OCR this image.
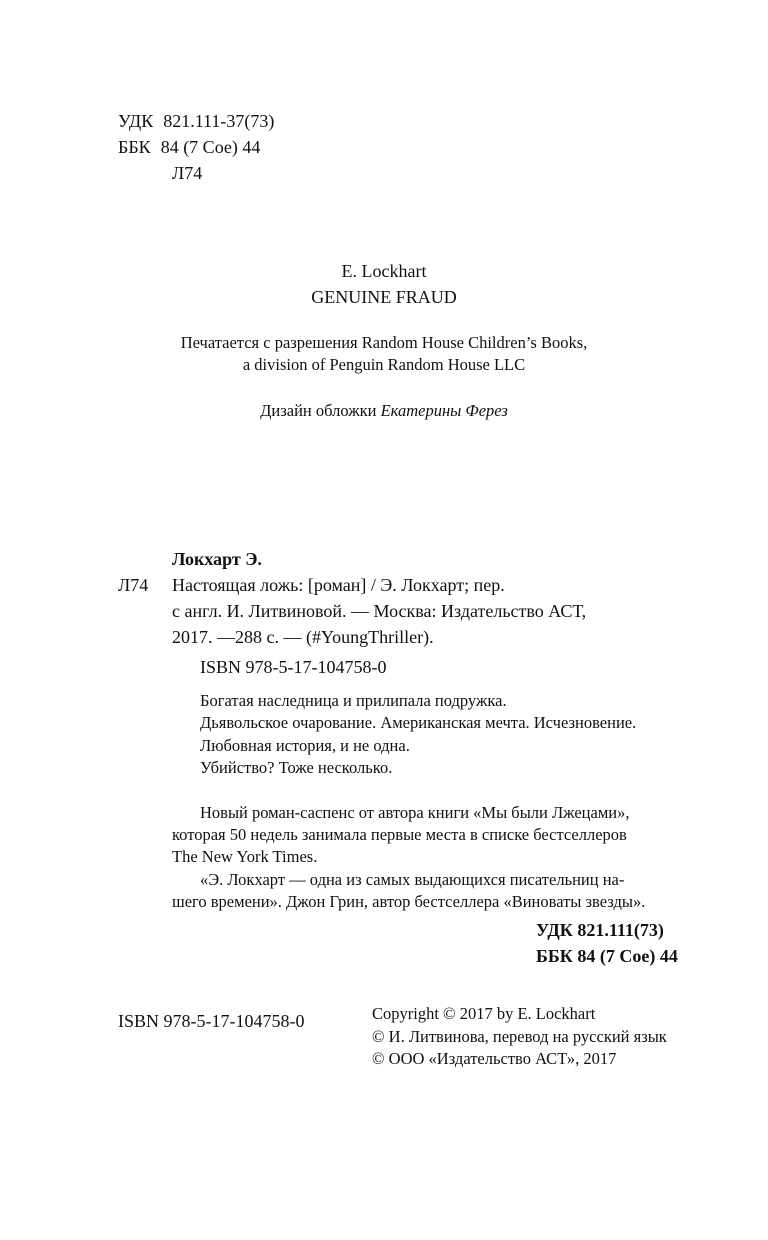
УДК 821.111-37(73)
ББК 84 (7 Сое) 44
Л74
E. Lockhart
GENUINE FRAUD
Печатается с разрешения Random House Children’s Books,
a division of Penguin Random House LLC
Дизайн обложки Екатерины Ферез
Локхарт Э.
Л74 Настоящая ложь: [роман] / Э. Локхарт; пер.
с англ. И. Литвиновой. — Москва: Издательство АСТ,
2017. —288 с. — (#YoungThriller).
ISBN 978-5-17-104758-0
Богатая наследница и прилипала подружка.
Дьявольское очарование. Американская мечта. Исчезновение.
Любовная история, и не одна.
Убийство? Тоже несколько.
Новый роман-саспенс от автора книги «Мы были Лжецами»,
которая 50 недель занимала первые места в списке бестселлеров
The New York Times.
«Э. Локхарт — одна из самых выдающихся писательниц на-
шего времени». Джон Грин, автор бестселлера «Виноваты звезды».
УДК 821.111(73)
ББК 84 (7 Сое) 44
ISBN 978-5-17-104758-0	Copyright © 2017 by E. Lockhart
© И. Литвинова, перевод на русский язык
© ООО «Издательство АСТ», 2017
